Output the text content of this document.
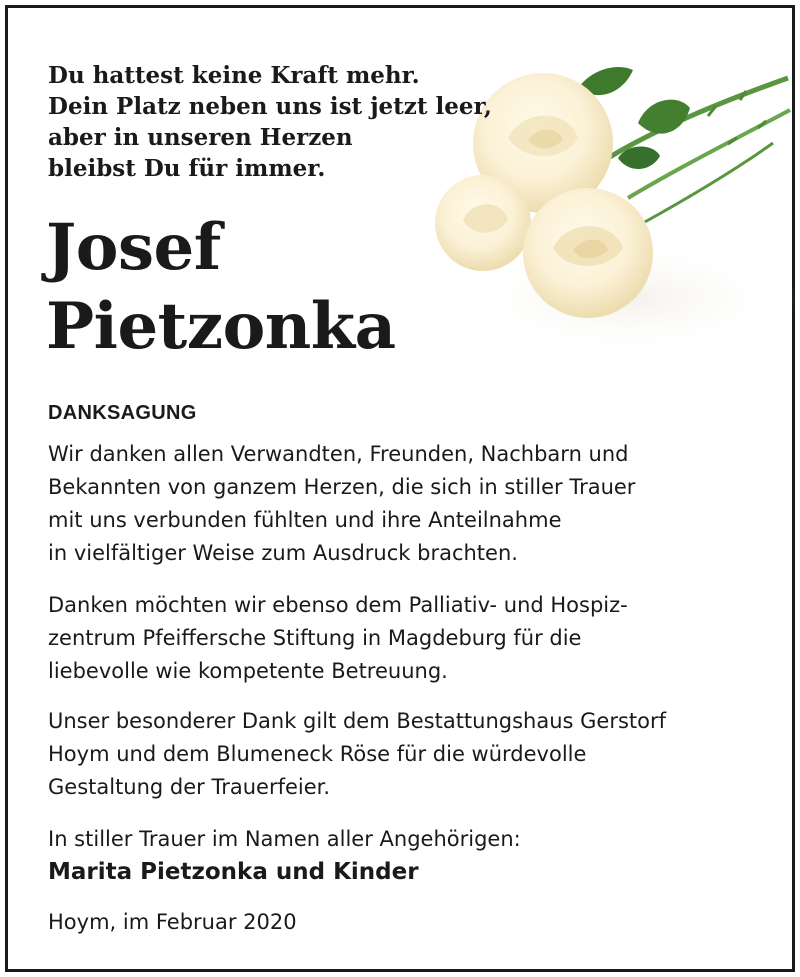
Du hattest keine Kraft mehr.
Dein Platz neben uns ist jetzt leer,
aber in unseren Herzen
bleibst Du für immer.
Josef
Pietzonka
DANKSAGUNG
Wir danken allen Verwandten, Freunden, Nachbarn und
Bekannten von ganzem Herzen, die sich in stiller Trauer
mit uns verbunden fühlten und ihre Anteilnahme
in vielfältiger Weise zum Ausdruck brachten.
Danken möchten wir ebenso dem Palliativ- und Hospiz-
zentrum Pfeiffersche Stiftung in Magdeburg für die
liebevolle wie kompetente Betreuung.
Unser besonderer Dank gilt dem Bestattungshaus Gerstorf
Hoym und dem Blumeneck Röse für die würdevolle
Gestaltung der Trauerfeier.
In stiller Trauer im Namen aller Angehörigen:
Marita Pietzonka und Kinder
Hoym, im Februar 2020
